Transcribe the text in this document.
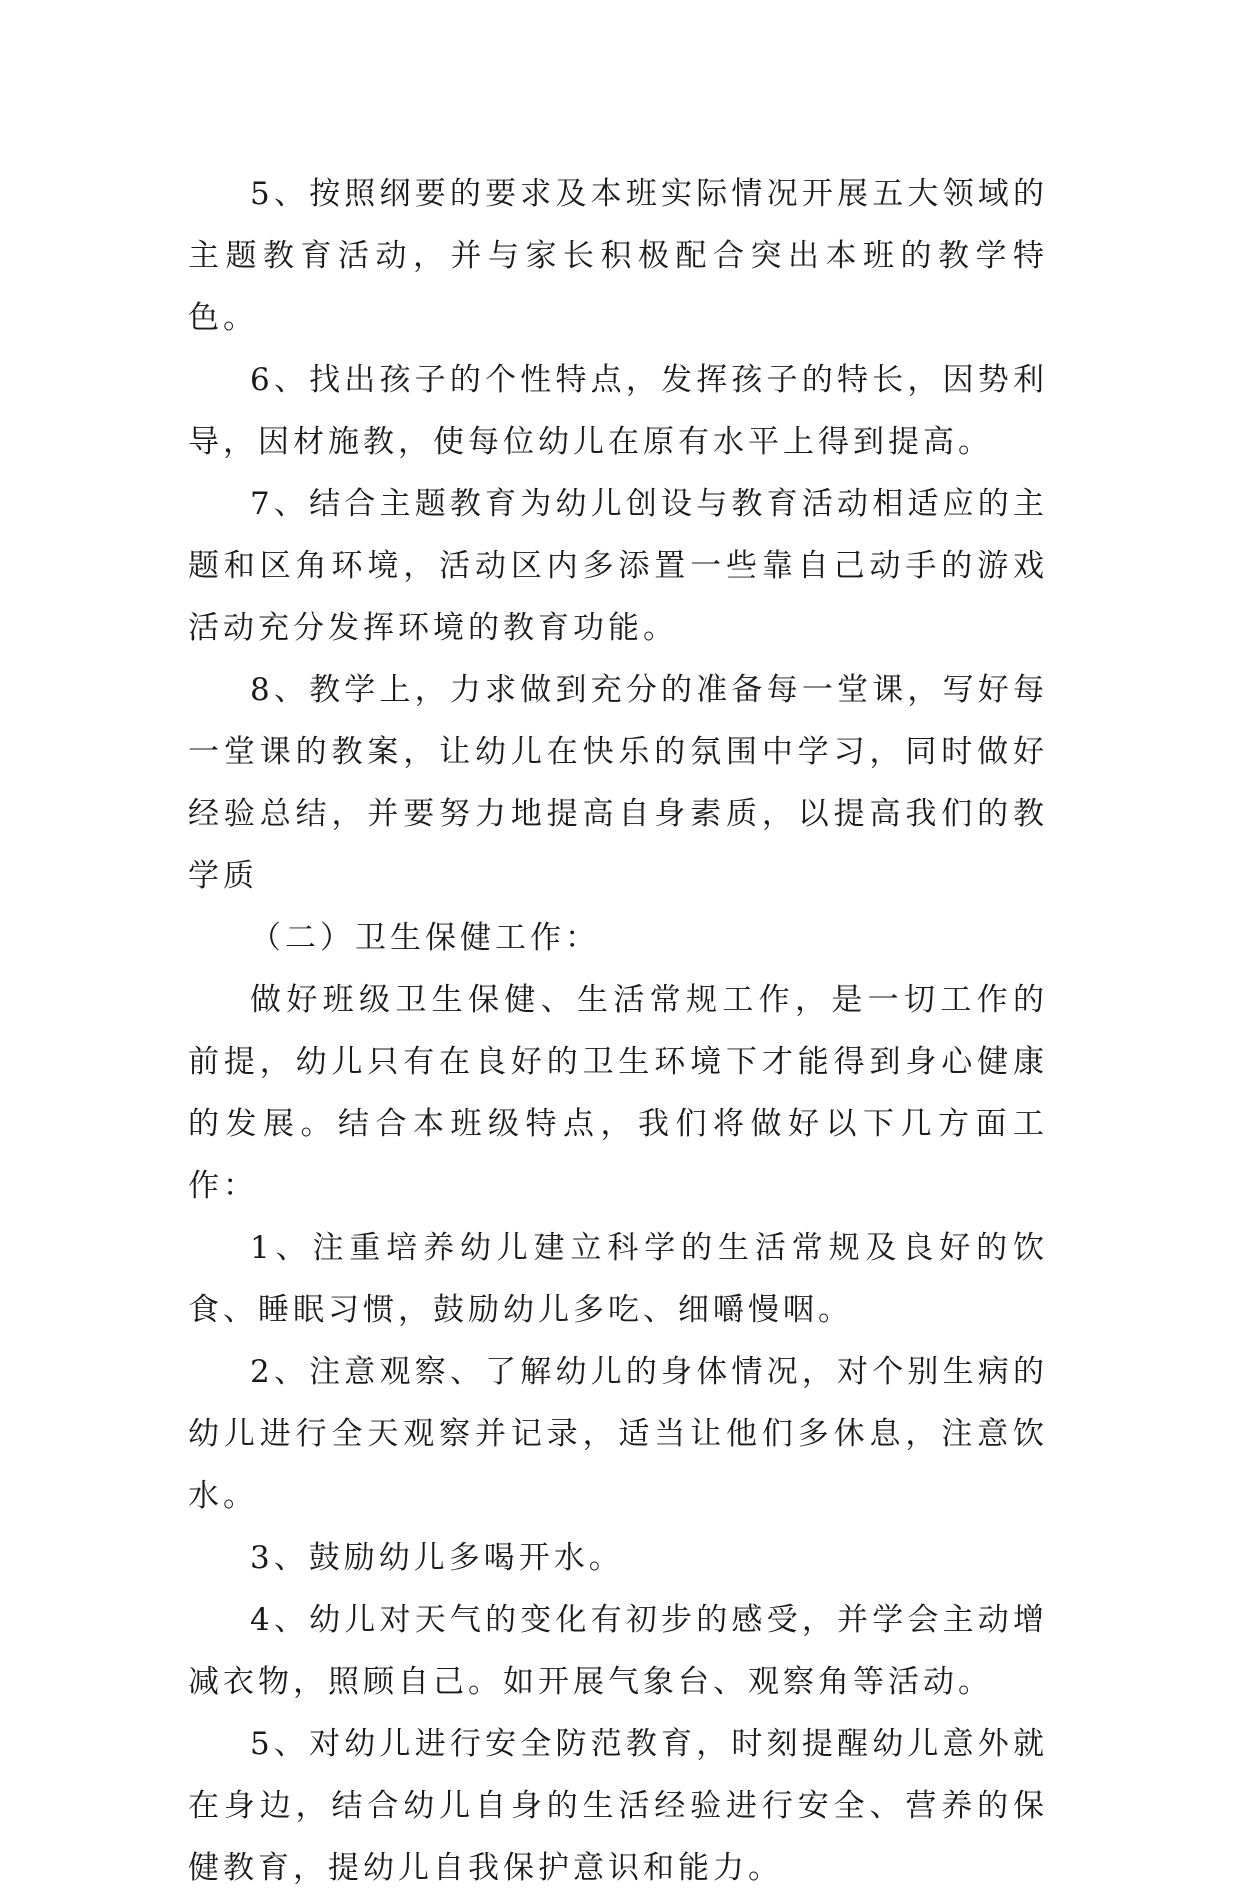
5、按照纲要的要求及本班实际情况开展五大领域的主题教育活动，并与家长积极配合突出本班的教学特色。

6、找出孩子的个性特点，发挥孩子的特长，因势利导，因材施教，使每位幼儿在原有水平上得到提高。

7、结合主题教育为幼儿创设与教育活动相适应的主题和区角环境，活动区内多添置一些靠自己动手的游戏活动充分发挥环境的教育功能。

8、教学上，力求做到充分的准备每一堂课，写好每一堂课的教案，让幼儿在快乐的氛围中学习，同时做好经验总结，并要努力地提高自身素质，以提高我们的教学质

（二）卫生保健工作：

做好班级卫生保健、生活常规工作，是一切工作的前提，幼儿只有在良好的卫生环境下才能得到身心健康的发展。结合本班级特点，我们将做好以下几方面工作：

1、注重培养幼儿建立科学的生活常规及良好的饮食、睡眠习惯，鼓励幼儿多吃、细嚼慢咽。

2、注意观察、了解幼儿的身体情况，对个别生病的幼儿进行全天观察并记录，适当让他们多休息，注意饮水。

3、鼓励幼儿多喝开水。

4、幼儿对天气的变化有初步的感受，并学会主动增减衣物，照顾自己。如开展气象台、观察角等活动。

5、对幼儿进行安全防范教育，时刻提醒幼儿意外就在身边，结合幼儿自身的生活经验进行安全、营养的保健教育，提幼儿自我保护意识和能力。
